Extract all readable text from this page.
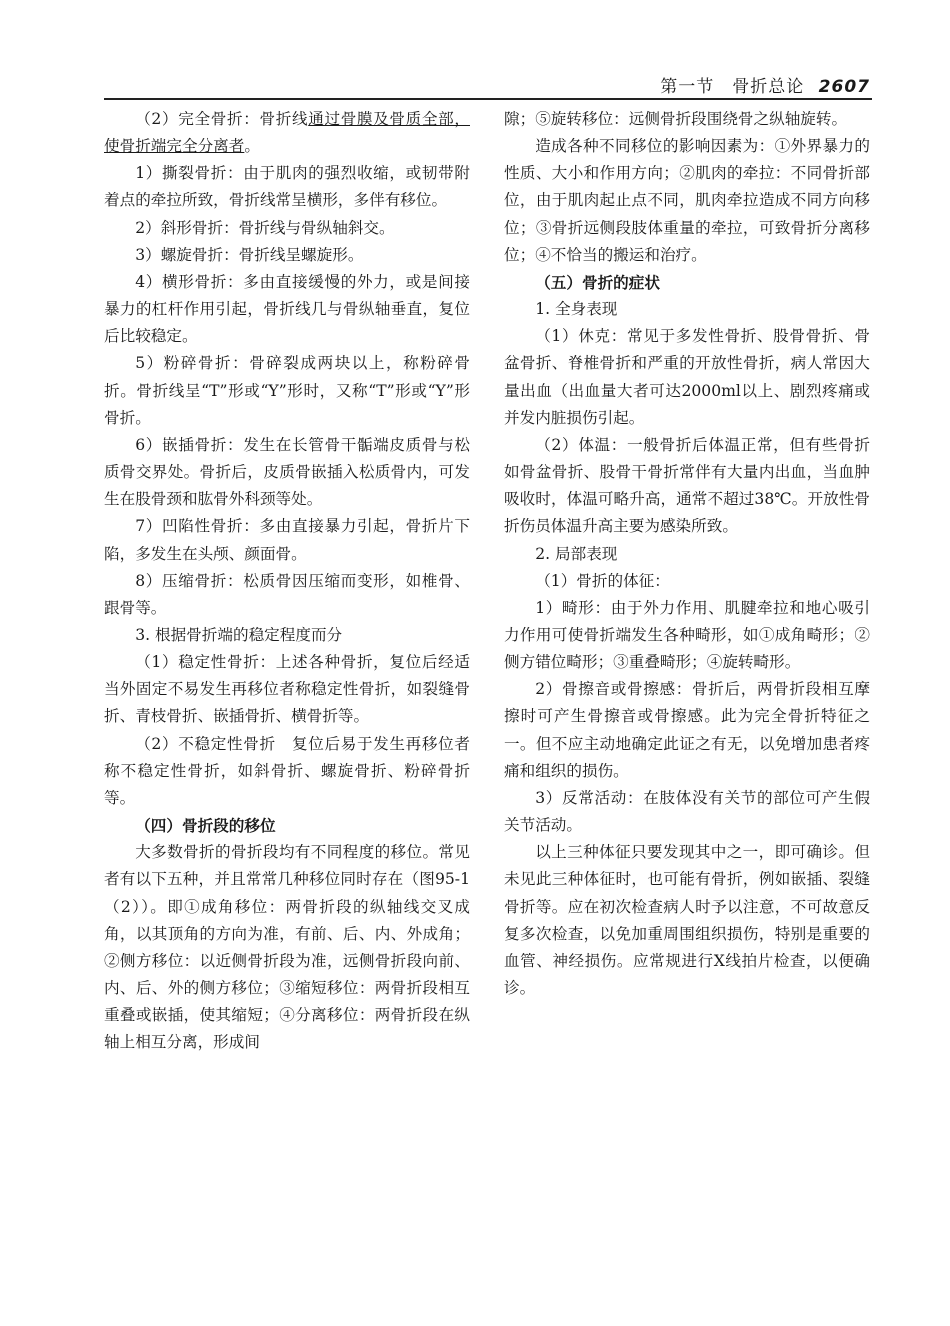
第一节　骨折总论 2607

（2）完全骨折：骨折线通过骨膜及骨质全部，使骨折端完全分离者。

1）撕裂骨折：由于肌肉的强烈收缩，或韧带附着点的牵拉所致，骨折线常呈横形，多伴有移位。

2）斜形骨折：骨折线与骨纵轴斜交。

3）螺旋骨折：骨折线呈螺旋形。

4）横形骨折：多由直接缓慢的外力，或是间接暴力的杠杆作用引起，骨折线几与骨纵轴垂直，复位后比较稳定。

5）粉碎骨折：骨碎裂成两块以上，称粉碎骨折。骨折线呈“T”形或“Y”形时，又称“T”形或“Y”形骨折。

6）嵌插骨折：发生在长管骨干骺端皮质骨与松质骨交界处。骨折后，皮质骨嵌插入松质骨内，可发生在股骨颈和肱骨外科颈等处。

7）凹陷性骨折：多由直接暴力引起，骨折片下陷，多发生在头颅、颜面骨。

8）压缩骨折：松质骨因压缩而变形，如椎骨、跟骨等。

3. 根据骨折端的稳定程度而分

（1）稳定性骨折：上述各种骨折，复位后经适当外固定不易发生再移位者称稳定性骨折，如裂缝骨折、青枝骨折、嵌插骨折、横骨折等。

（2）不稳定性骨折　复位后易于发生再移位者称不稳定性骨折，如斜骨折、螺旋骨折、粉碎骨折等。

（四）骨折段的移位

大多数骨折的骨折段均有不同程度的移位。常见者有以下五种，并且常常几种移位同时存在（图95-1（2））。即①成角移位：两骨折段的纵轴线交叉成角，以其顶角的方向为准，有前、后、内、外成角；②侧方移位：以近侧骨折段为准，远侧骨折段向前、内、后、外的侧方移位；③缩短移位：两骨折段相互重叠或嵌插，使其缩短；④分离移位：两骨折段在纵轴上相互分离，形成间

隙；⑤旋转移位：远侧骨折段围绕骨之纵轴旋转。

造成各种不同移位的影响因素为：①外界暴力的性质、大小和作用方向；②肌肉的牵拉：不同骨折部位，由于肌肉起止点不同，肌肉牵拉造成不同方向移位；③骨折远侧段肢体重量的牵拉，可致骨折分离移位；④不恰当的搬运和治疗。

（五）骨折的症状

1. 全身表现

（1）休克：常见于多发性骨折、股骨骨折、骨盆骨折、脊椎骨折和严重的开放性骨折，病人常因大量出血（出血量大者可达2000ml以上、剧烈疼痛或并发内脏损伤引起。

（2）体温：一般骨折后体温正常，但有些骨折如骨盆骨折、股骨干骨折常伴有大量内出血，当血肿吸收时，体温可略升高，通常不超过38℃。开放性骨折伤员体温升高主要为感染所致。

2. 局部表现

（1）骨折的体征：

1）畸形：由于外力作用、肌腱牵拉和地心吸引力作用可使骨折端发生各种畸形，如①成角畸形；②侧方错位畸形；③重叠畸形；④旋转畸形。

2）骨擦音或骨擦感：骨折后，两骨折段相互摩擦时可产生骨擦音或骨擦感。此为完全骨折特征之一。但不应主动地确定此证之有无，以免增加患者疼痛和组织的损伤。

3）反常活动：在肢体没有关节的部位可产生假关节活动。

以上三种体征只要发现其中之一，即可确诊。但未见此三种体征时，也可能有骨折，例如嵌插、裂缝骨折等。应在初次检查病人时予以注意，不可故意反复多次检查，以免加重周围组织损伤，特别是重要的血管、神经损伤。应常规进行X线拍片检查，以便确诊。
